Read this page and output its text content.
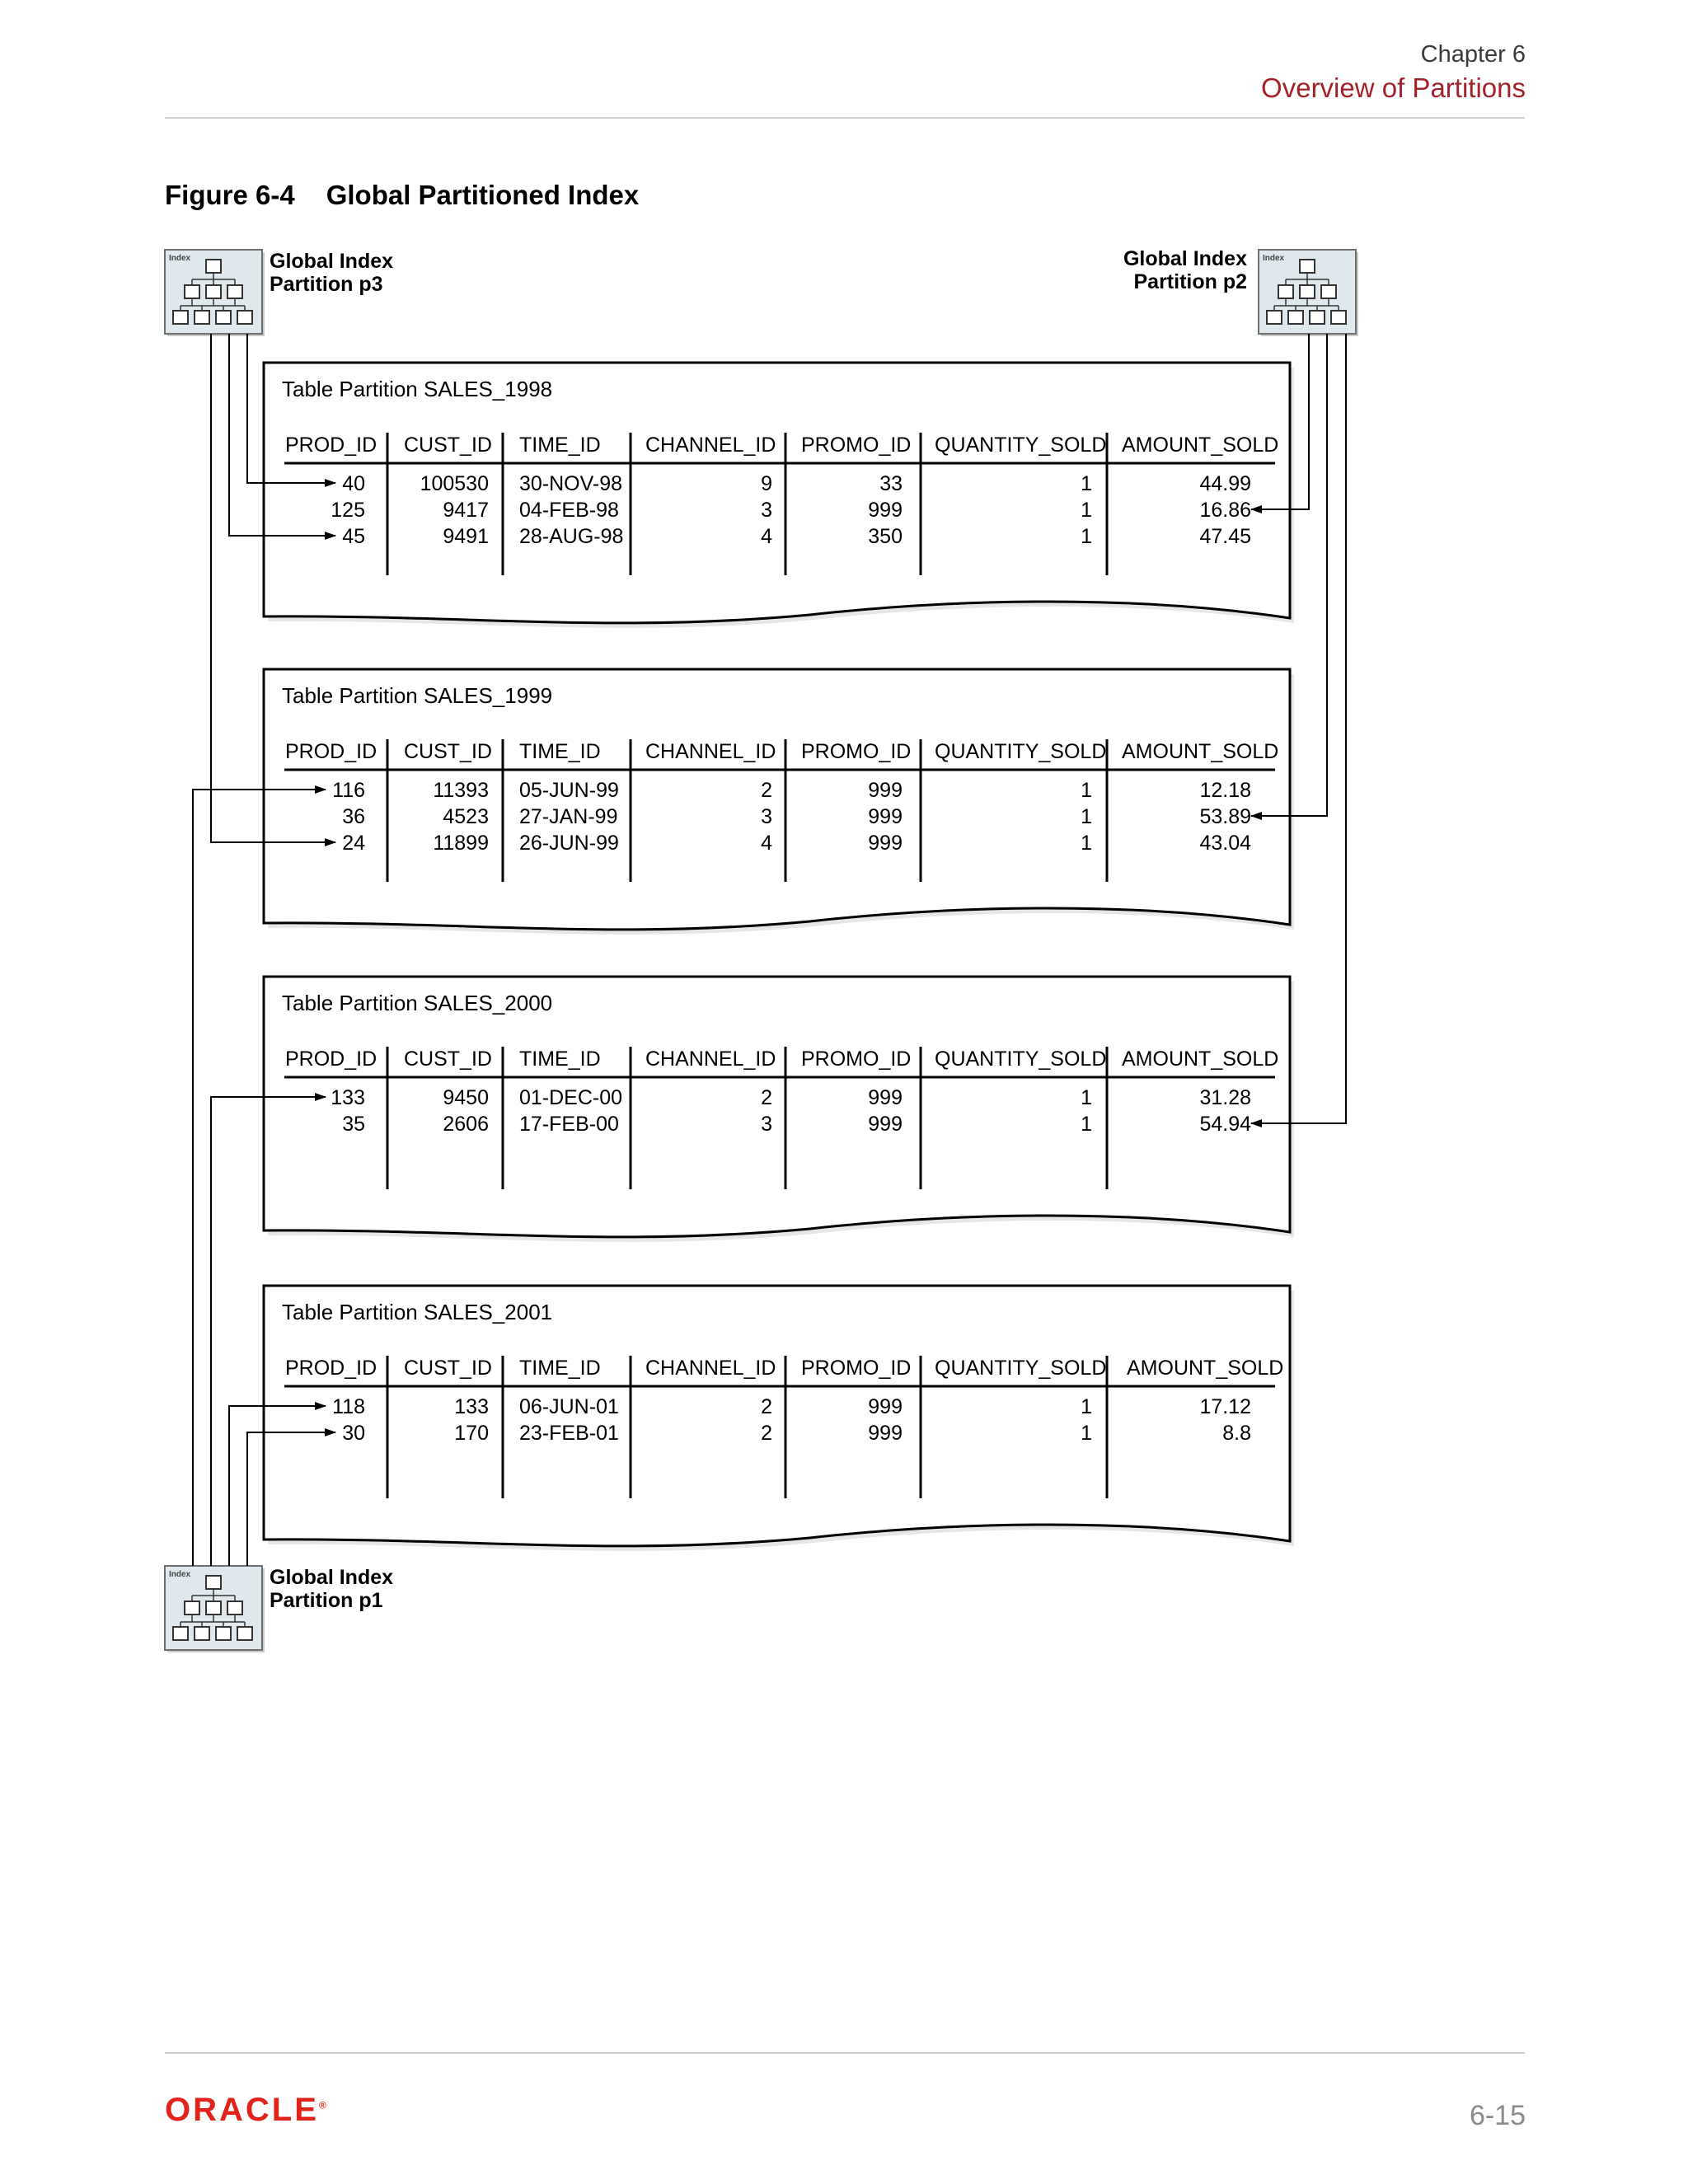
Chapter 6
Overview of Partitions
Figure 6-4 Global Partitioned Index
Index	Global Index
Partition p3
Index
Global Index
Partition p2
Index	Global Index
Partition p1
Table Partition SALES_1998
PROD_ID CUST_ID TIME_ID CHANNEL_ID PROMO_ID QUANTITY_SOLD AMOUNT_SOLD
40	100530 30-NOV-98	9	33	1	44.99
125	9417 04-FEB-98	3	999	1	16.86
45	9491 28-AUG-98	4	350	1	47.45
Table Partition SALES_1999
PROD_ID CUST_ID TIME_ID CHANNEL_ID PROMO_ID QUANTITY_SOLD AMOUNT_SOLD
116	11393 05-JUN-99	2	999	1	12.18
36	4523 27-JAN-99	3	999	1	53.89
24	11899 26-JUN-99	4	999	1	43.04
Table Partition SALES_2000
PROD_ID CUST_ID TIME_ID CHANNEL_ID PROMO_ID QUANTITY_SOLD AMOUNT_SOLD
133	9450 01-DEC-00	2	999	1	31.28
35	2606 17-FEB-00	3	999	1	54.94
Table Partition SALES_2001
PROD_ID CUST_ID TIME_ID CHANNEL_ID PROMO_ID QUANTITY_SOLD AMOUNT_SOLD
118	133 06-JUN-01	2	999	1	17.12
30	170 23-FEB-01	2	999	1	8.8
ORACLE®	6-15
